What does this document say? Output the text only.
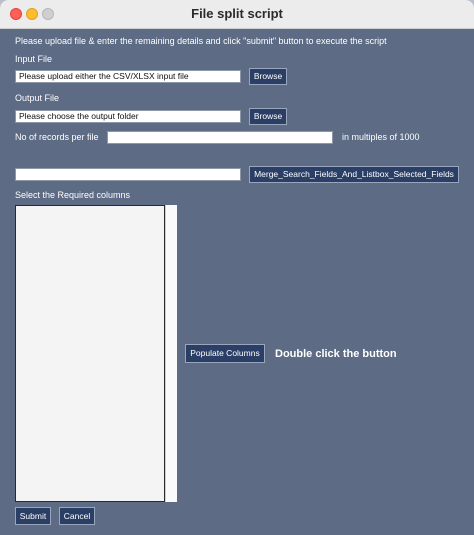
File split script
Please upload file & enter the remaining details and click "submit" button to execute the script
Input File
Please upload either the CSV/XLSX input file	Browse
Output File
Please choose the output folder	Browse
No of records per file	in multiples of 1000
Merge_Search_Fields_And_Listbox_Selected_Fields
Select the Required columns
Populate Columns	Double click the button
Submit	Cancel
